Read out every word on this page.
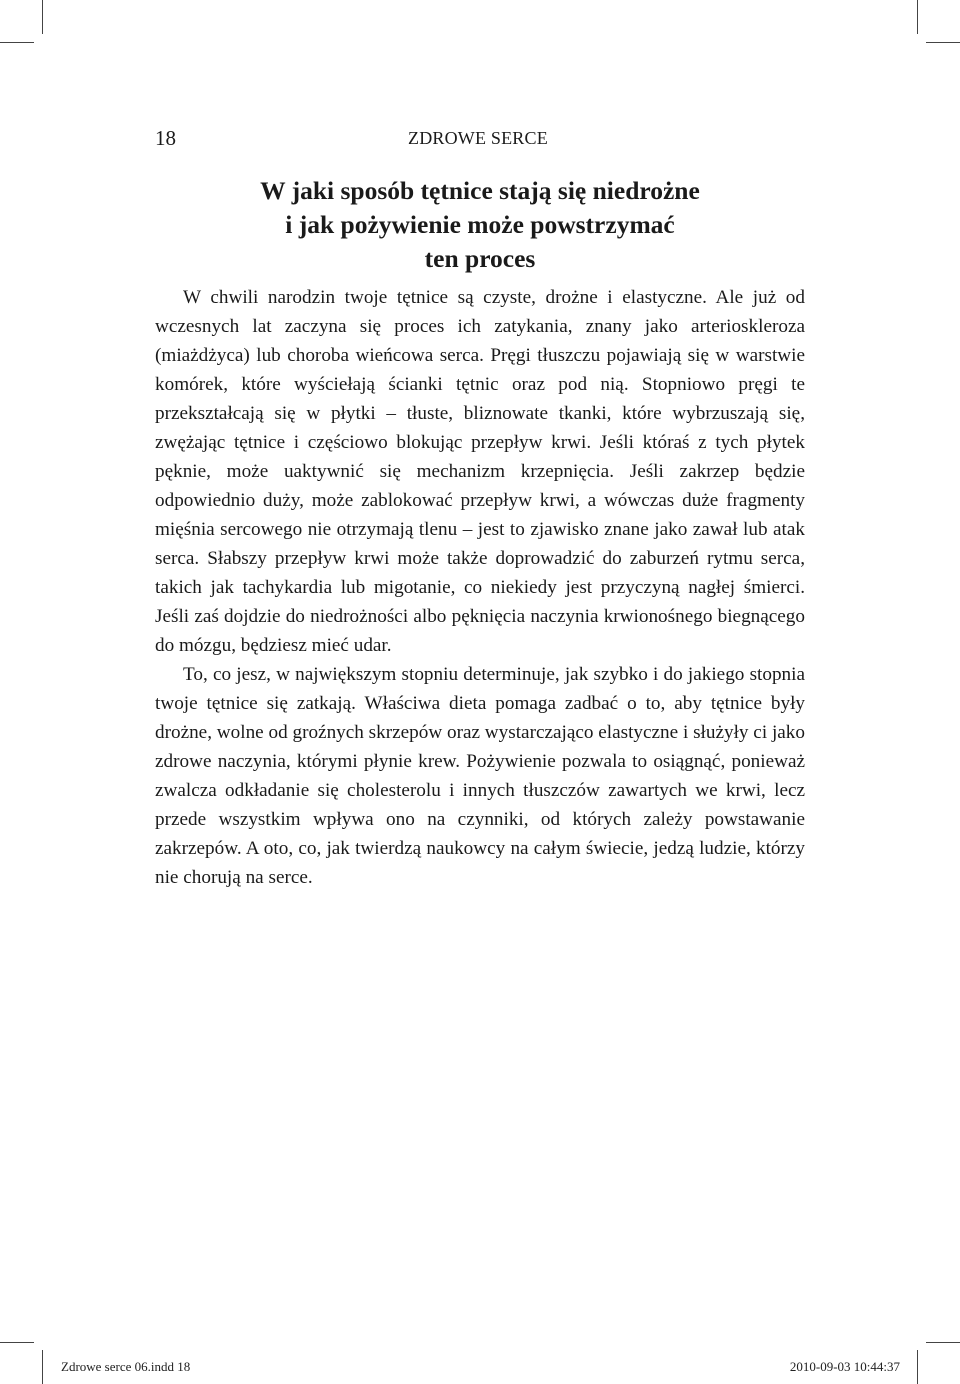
18	ZDROWE SERCE
W jaki sposób tętnice stają się niedrożne
i jak pożywienie może powstrzymać
ten proces

W chwili narodzin twoje tętnice są czyste, drożne i elastyczne. Ale już od wczesnych lat zaczyna się proces ich zatykania, znany jako arterioskleroza (miażdżyca) lub choroba wieńcowa serca. Pręgi tłuszczu pojawiają się w warstwie komórek, które wyściełają ścianki tętnic oraz pod nią. Stopniowo pręgi te przekształcają się w płytki – tłuste, bliznowate tkanki, które wybrzuszają się, zwężając tętnice i częściowo blokując przepływ krwi. Jeśli któraś z tych płytek pęknie, może uaktywnić się mechanizm krzepnięcia. Jeśli zakrzep będzie odpowiednio duży, może zablokować przepływ krwi, a wówczas duże fragmenty mięśnia sercowego nie otrzymają tlenu – jest to zjawisko znane jako zawał lub atak serca. Słabszy przepływ krwi może także doprowadzić do zaburzeń rytmu serca, takich jak tachykardia lub migotanie, co niekiedy jest przyczyną nagłej śmierci. Jeśli zaś dojdzie do niedrożności albo pęknięcia naczynia krwionośnego biegnącego do mózgu, będziesz mieć udar.

To, co jesz, w największym stopniu determinuje, jak szybko i do jakiego stopnia twoje tętnice się zatkają. Właściwa dieta pomaga zadbać o to, aby tętnice były drożne, wolne od groźnych skrzepów oraz wystarczająco elastyczne i służyły ci jako zdrowe naczynia, którymi płynie krew. Pożywienie pozwala to osiągnąć, ponieważ zwalcza odkładanie się cholesterolu i innych tłuszczów zawartych we krwi, lecz przede wszystkim wpływa ono na czynniki, od których zależy powstawanie zakrzepów. A oto, co, jak twierdzą naukowcy na całym świecie, jedzą ludzie, którzy nie chorują na serce.

Zdrowe serce 06.indd 18	2010-09-03 10:44:37
